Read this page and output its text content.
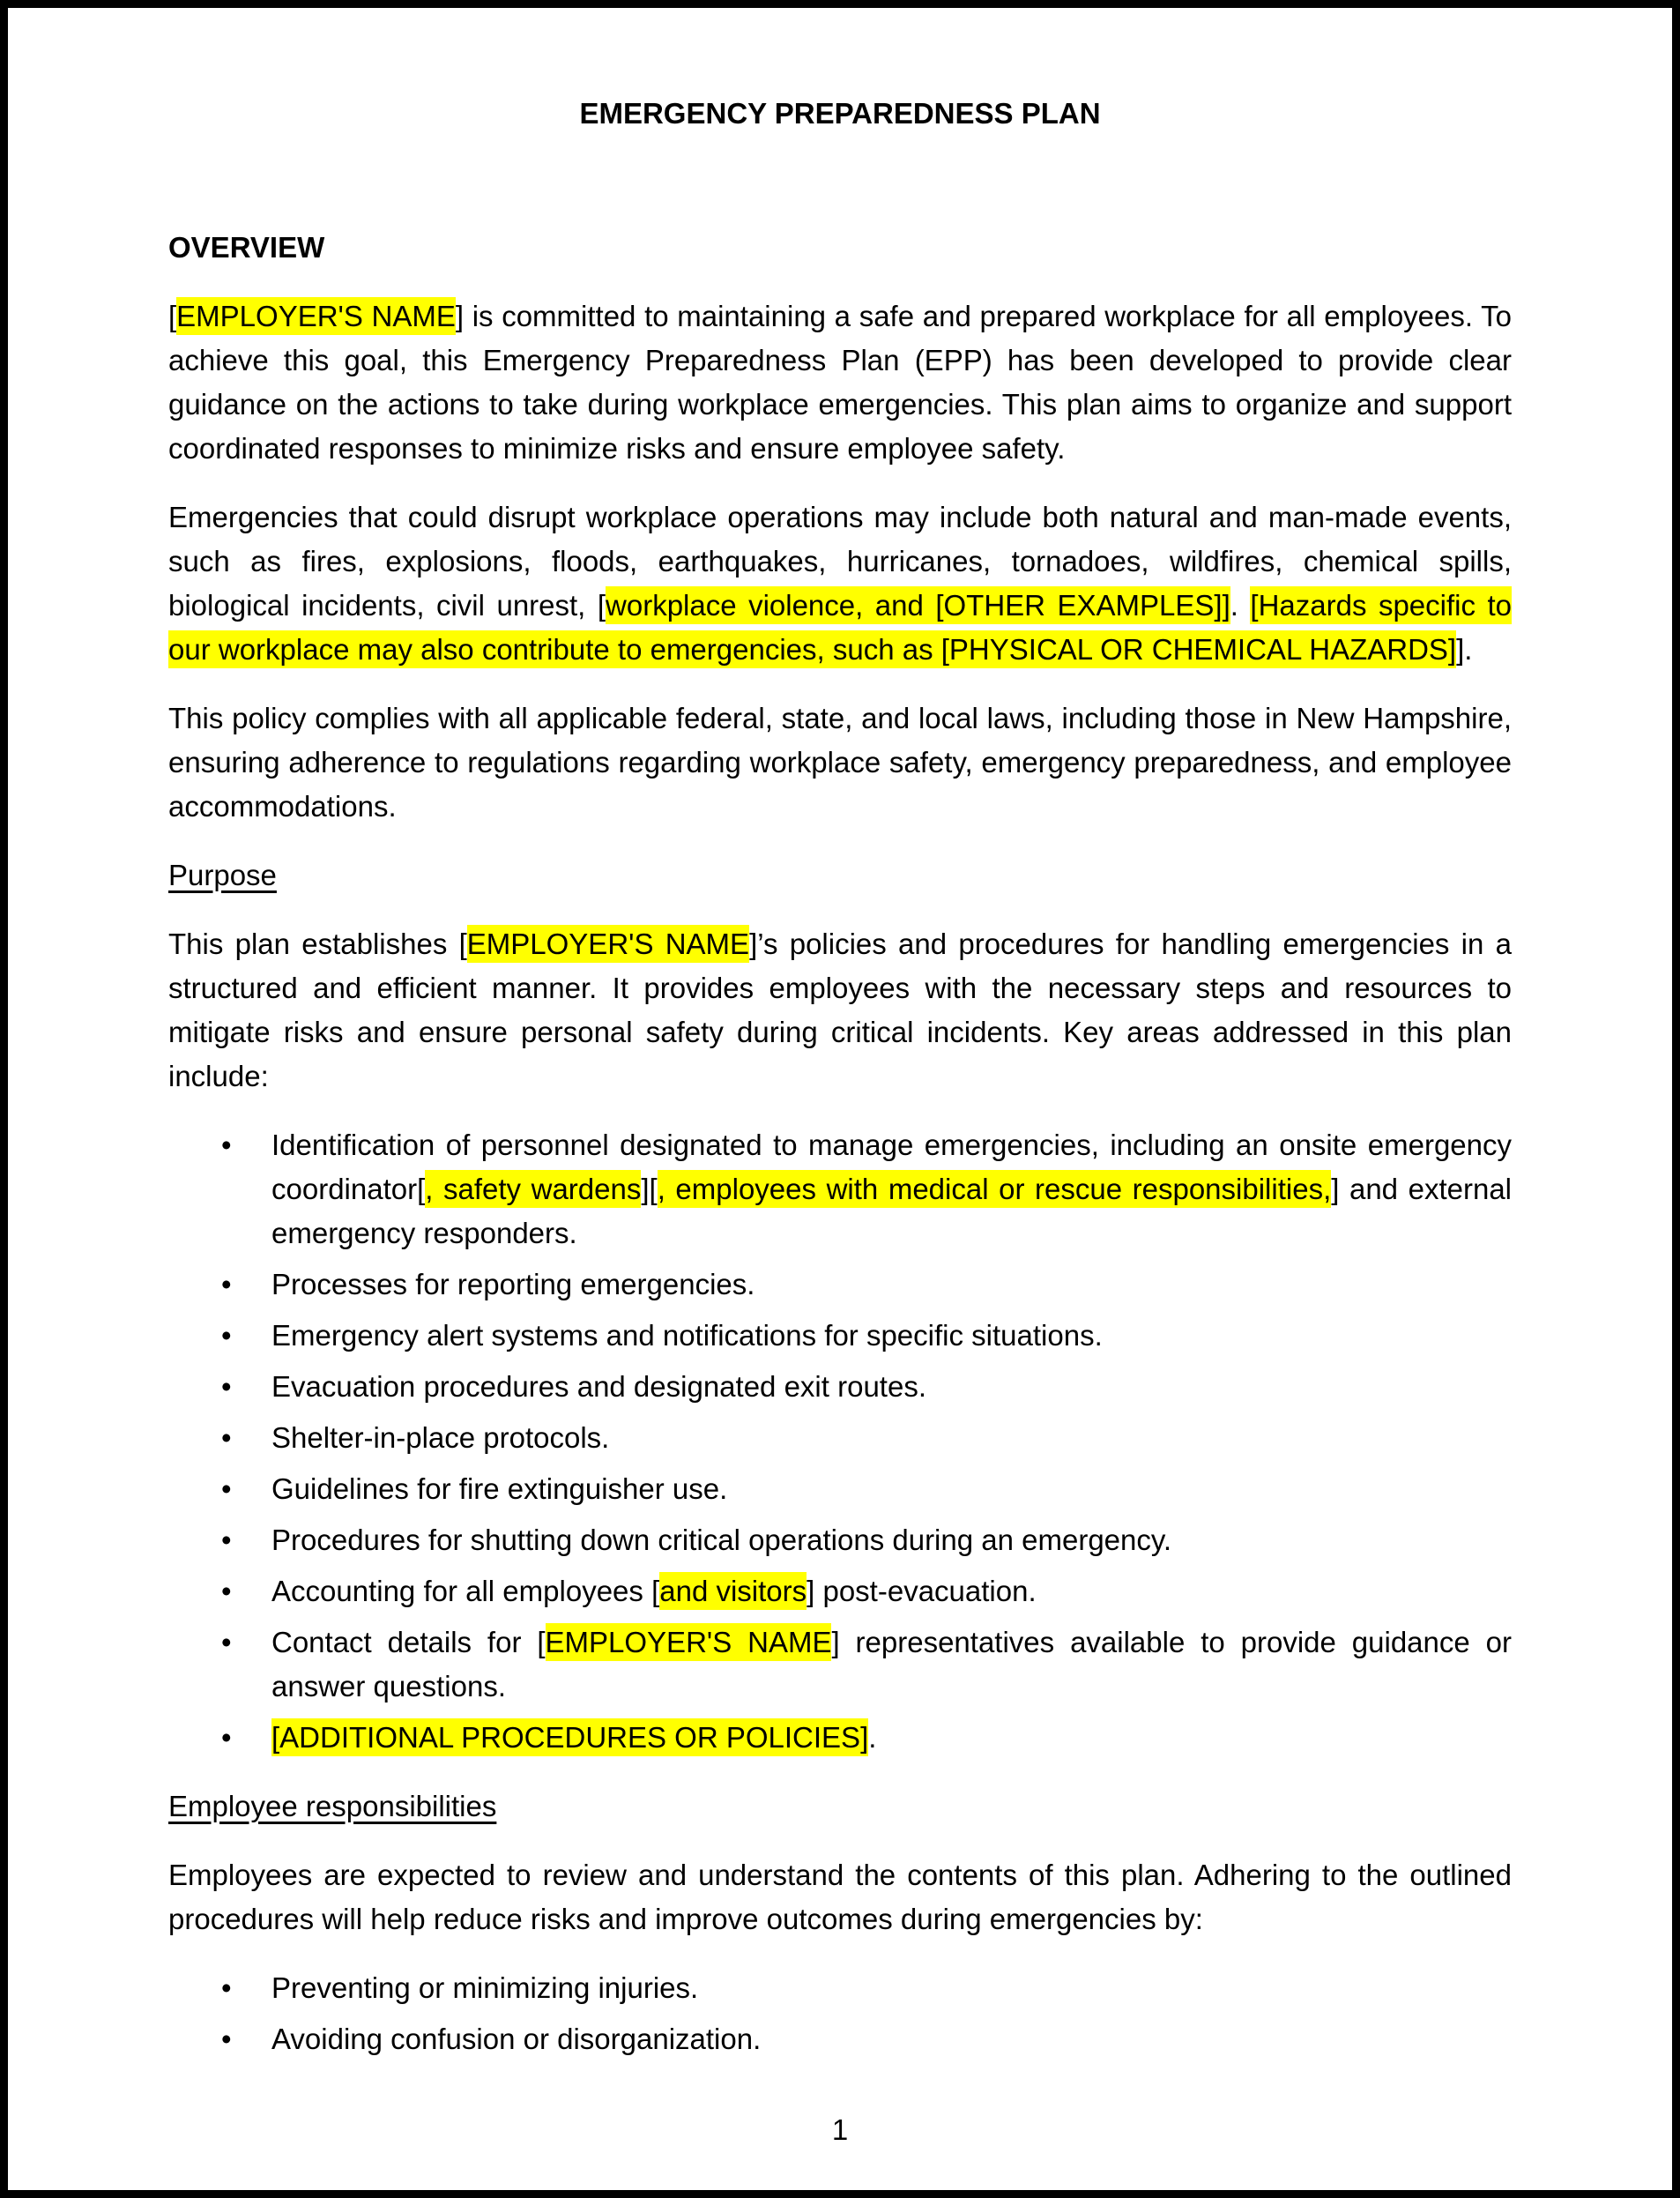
EMERGENCY PREPAREDNESS PLAN
OVERVIEW

[EMPLOYER'S NAME] is committed to maintaining a safe and prepared workplace for all employees. To achieve this goal, this Emergency Preparedness Plan (EPP) has been developed to provide clear guidance on the actions to take during workplace emergencies. This plan aims to organize and support coordinated responses to minimize risks and ensure employee safety.

Emergencies that could disrupt workplace operations may include both natural and man-made events, such as fires, explosions, floods, earthquakes, hurricanes, tornadoes, wildfires, chemical spills, biological incidents, civil unrest, [workplace violence, and [OTHER EXAMPLES]]. [Hazards specific to our workplace may also contribute to emergencies, such as [PHYSICAL OR CHEMICAL HAZARDS]].

This policy complies with all applicable federal, state, and local laws, including those in New Hampshire, ensuring adherence to regulations regarding workplace safety, emergency preparedness, and employee accommodations.

Purpose

This plan establishes [EMPLOYER'S NAME]’s policies and procedures for handling emergencies in a structured and efficient manner. It provides employees with the necessary steps and resources to mitigate risks and ensure personal safety during critical incidents. Key areas addressed in this plan include:

• Identification of personnel designated to manage emergencies, including an onsite emergency coordinator[, safety wardens][, employees with medical or rescue responsibilities,] and external emergency responders.
• Processes for reporting emergencies.
• Emergency alert systems and notifications for specific situations.
• Evacuation procedures and designated exit routes.
• Shelter-in-place protocols.
• Guidelines for fire extinguisher use.
• Procedures for shutting down critical operations during an emergency.
• Accounting for all employees [and visitors] post-evacuation.
• Contact details for [EMPLOYER'S NAME] representatives available to provide guidance or answer questions.
• [ADDITIONAL PROCEDURES OR POLICIES].
Employee responsibilities

Employees are expected to review and understand the contents of this plan. Adhering to the outlined procedures will help reduce risks and improve outcomes during emergencies by:

• Preventing or minimizing injuries.
• Avoiding confusion or disorganization.
1
